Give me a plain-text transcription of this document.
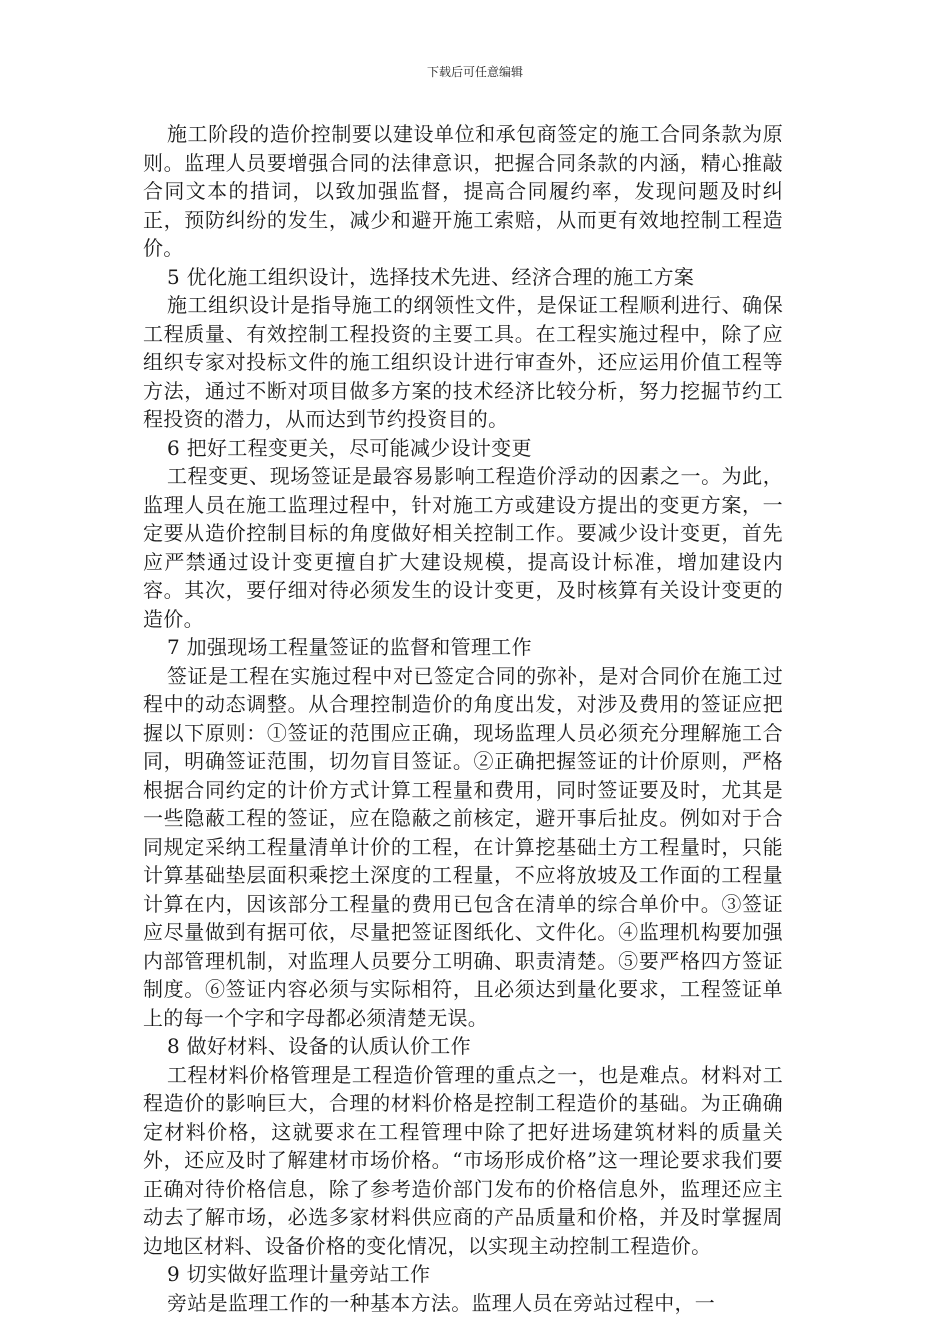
下载后可任意编辑

施工阶段的造价控制要以建设单位和承包商签定的施工合同条款为原则。监理人员要增强合同的法律意识，把握合同条款的内涵，精心推敲合同文本的措词，以致加强监督，提高合同履约率，发现问题及时纠正，预防纠纷的发生，减少和避开施工索赔，从而更有效地控制工程造价。

5 优化施工组织设计，选择技术先进、经济合理的施工方案

施工组织设计是指导施工的纲领性文件，是保证工程顺利进行、确保工程质量、有效控制工程投资的主要工具。在工程实施过程中，除了应组织专家对投标文件的施工组织设计进行审查外，还应运用价值工程等方法，通过不断对项目做多方案的技术经济比较分析，努力挖掘节约工程投资的潜力，从而达到节约投资目的。

6 把好工程变更关，尽可能减少设计变更

工程变更、现场签证是最容易影响工程造价浮动的因素之一。为此，监理人员在施工监理过程中，针对施工方或建设方提出的变更方案，一定要从造价控制目标的角度做好相关控制工作。要减少设计变更，首先应严禁通过设计变更擅自扩大建设规模，提高设计标准，增加建设内容。其次，要仔细对待必须发生的设计变更，及时核算有关设计变更的造价。

7 加强现场工程量签证的监督和管理工作

签证是工程在实施过程中对已签定合同的弥补，是对合同价在施工过程中的动态调整。从合理控制造价的角度出发，对涉及费用的签证应把握以下原则：①签证的范围应正确，现场监理人员必须充分理解施工合同，明确签证范围，切勿盲目签证。②正确把握签证的计价原则，严格根据合同约定的计价方式计算工程量和费用，同时签证要及时，尤其是一些隐蔽工程的签证，应在隐蔽之前核定，避开事后扯皮。例如对于合同规定采纳工程量清单计价的工程，在计算挖基础土方工程量时，只能计算基础垫层面积乘挖土深度的工程量，不应将放坡及工作面的工程量计算在内，因该部分工程量的费用已包含在清单的综合单价中。③签证应尽量做到有据可依，尽量把签证图纸化、文件化。④监理机构要加强内部管理机制，对监理人员要分工明确、职责清楚。⑤要严格四方签证制度。⑥签证内容必须与实际相符，且必须达到量化要求，工程签证单上的每一个字和字母都必须清楚无误。

8 做好材料、设备的认质认价工作

工程材料价格管理是工程造价管理的重点之一，也是难点。材料对工程造价的影响巨大，合理的材料价格是控制工程造价的基础。为正确确定材料价格，这就要求在工程管理中除了把好进场建筑材料的质量关外，还应及时了解建材市场价格。“市场形成价格”这一理论要求我们要正确对待价格信息，除了参考造价部门发布的价格信息外，监理还应主动去了解市场，必选多家材料供应商的产品质量和价格，并及时掌握周边地区材料、设备价格的变化情况，以实现主动控制工程造价。

9 切实做好监理计量旁站工作

旁站是监理工作的一种基本方法。监理人员在旁站过程中，一
